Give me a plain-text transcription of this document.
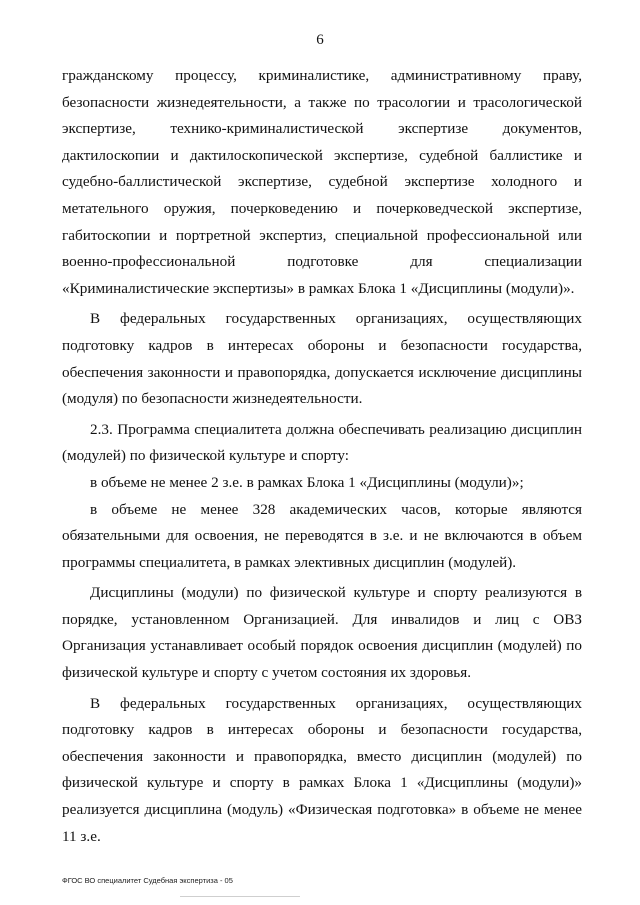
6

гражданскому процессу, криминалистике, административному праву, безопасности жизнедеятельности, а также по трасологии и трасологической экспертизе, технико-криминалистической экспертизе документов, дактилоскопии и дактилоскопической экспертизе, судебной баллистике и судебно-баллистической экспертизе, судебной экспертизе холодного и метательного оружия, почерковедению и почерковедческой экспертизе, габитоскопии и портретной экспертиз, специальной профессиональной или военно-профессиональной подготовке для специализации «Криминалистические экспертизы» в рамках Блока 1 «Дисциплины (модули)».

В федеральных государственных организациях, осуществляющих подготовку кадров в интересах обороны и безопасности государства, обеспечения законности и правопорядка, допускается исключение дисциплины (модуля) по безопасности жизнедеятельности.

2.3. Программа специалитета должна обеспечивать реализацию дисциплин (модулей) по физической культуре и спорту:

в объеме не менее 2 з.е. в рамках Блока 1 «Дисциплины (модули)»;

в объеме не менее 328 академических часов, которые являются обязательными для освоения, не переводятся в з.е. и не включаются в объем программы специалитета, в рамках элективных дисциплин (модулей).

Дисциплины (модули) по физической культуре и спорту реализуются в порядке, установленном Организацией. Для инвалидов и лиц с ОВЗ Организация устанавливает особый порядок освоения дисциплин (модулей) по физической культуре и спорту с учетом состояния их здоровья.

В федеральных государственных организациях, осуществляющих подготовку кадров в интересах обороны и безопасности государства, обеспечения законности и правопорядка, вместо дисциплин (модулей) по физической культуре и спорту в рамках Блока 1 «Дисциплины (модули)» реализуется дисциплина (модуль) «Физическая подготовка» в объеме не менее 11 з.е.

ФГОС ВО специалитет Судебная экспертиза - 05
